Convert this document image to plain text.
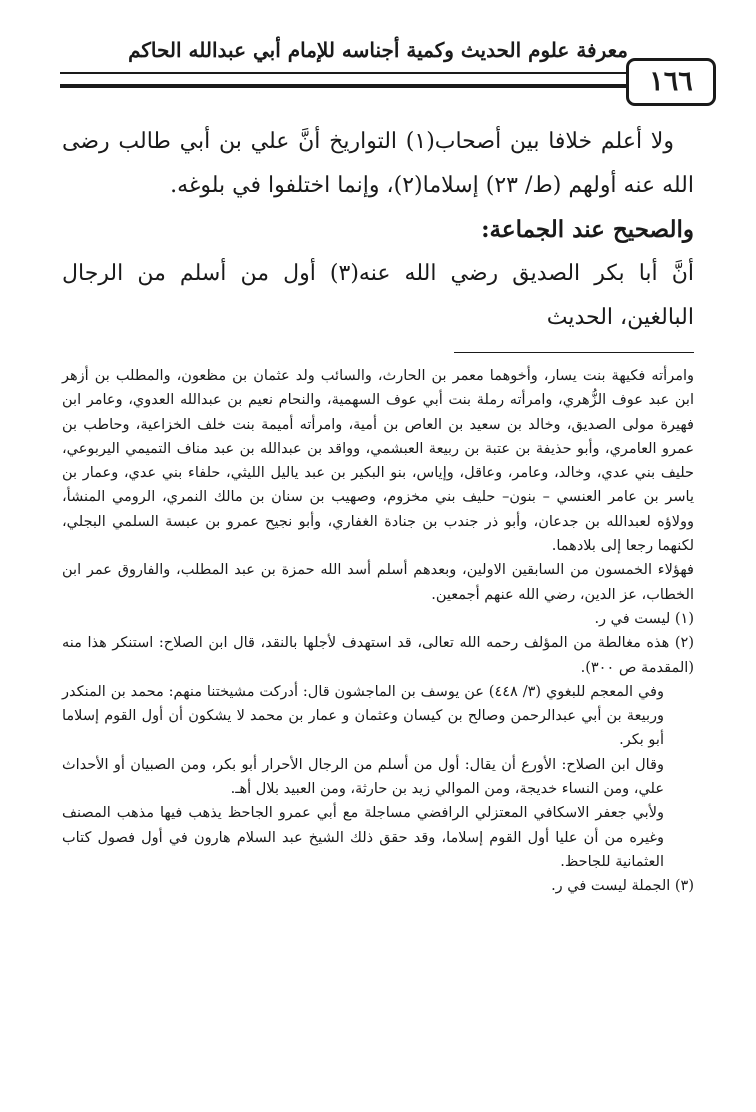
معرفة علوم الحديث وكمية أجناسه للإمام أبي عبدالله الحاكم
١٦٦

ولا أعلم خلافا بين أصحاب(١) التواريخ أنَّ علي بن أبي طالب رضى الله عنه أولهم (ط/ ٢٣) إسلاما(٢)، وإنما اختلفوا في بلوغه.

والصحيح عند الجماعة:

أنَّ أبا بكر الصديق رضي الله عنه(٣) أول من أسلم من الرجال البالغين، الحديث

وامرأته فكيهة بنت يسار، وأخوهما معمر بن الحارث، والسائب ولد عثمان بن مظعون، والمطلب بن أزهر ابن عبد عوف الزُّهري، وامرأته رملة بنت أبي عوف السهمية، والنحام نعيم بن عبدالله العدوي، وعامر ابن فهيرة مولى الصديق، وخالد بن سعيد بن العاص بن أمية، وامرأته أميمة بنت خلف الخزاعية، وحاطب بن عمرو العامري، وأبو حذيفة بن عتبة بن ربيعة العبشمي، وواقد بن عبدالله بن عبد مناف التميمي اليربوعي، حليف بني عدي، وخالد، وعامر، وعاقل، وإياس، بنو البكير بن عبد ياليل الليثي، حلفاء بني عدي، وعمار بن ياسر بن عامر العنسي – بنون– حليف بني مخزوم، وصهيب بن سنان بن مالك النمري، الرومي المنشأ، وولاؤه لعبدالله بن جدعان، وأبو ذر جندب بن جنادة الغفاري، وأبو نجيح عمرو بن عبسة السلمي البجلي، لكنهما رجعا إلى بلادهما.

فهؤلاء الخمسون من السابقين الاولين، وبعدهم أسلم أسد الله حمزة بن عبد المطلب، والفاروق عمر ابن الخطاب، عز الدين، رضي الله عنهم أجمعين.

(١) ليست في ر.

(٢) هذه مغالطة من المؤلف رحمه الله تعالى، قد استهدف لأجلها بالنقد، قال ابن الصلاح: استنكر هذا منه (المقدمة ص ٣٠٠).

وفي المعجم للبغوي (٣/ ٤٤٨) عن يوسف بن الماجشون قال: أدركت مشيختنا منهم: محمد بن المنكدر وربيعة بن أبي عبدالرحمن وصالح بن كيسان وعثمان و عمار بن محمد لا يشكون أن أول القوم إسلاما أبو بكر.

وقال ابن الصلاح: الأورع أن يقال: أول من أسلم من الرجال الأحرار أبو بكر، ومن الصبيان أو الأحداث علي، ومن النساء خديجة، ومن الموالي زيد بن حارثة، ومن العبيد بلال أهـ.

ولأبي جعفر الاسكافي المعتزلي الرافضي مساجلة مع أبي عمرو الجاحظ يذهب فيها مذهب المصنف وغيره من أن عليا أول القوم إسلاما، وقد حقق ذلك الشيخ عبد السلام هارون في أول فصول كتاب العثمانية للجاحظ.

(٣) الجملة ليست في ر.
